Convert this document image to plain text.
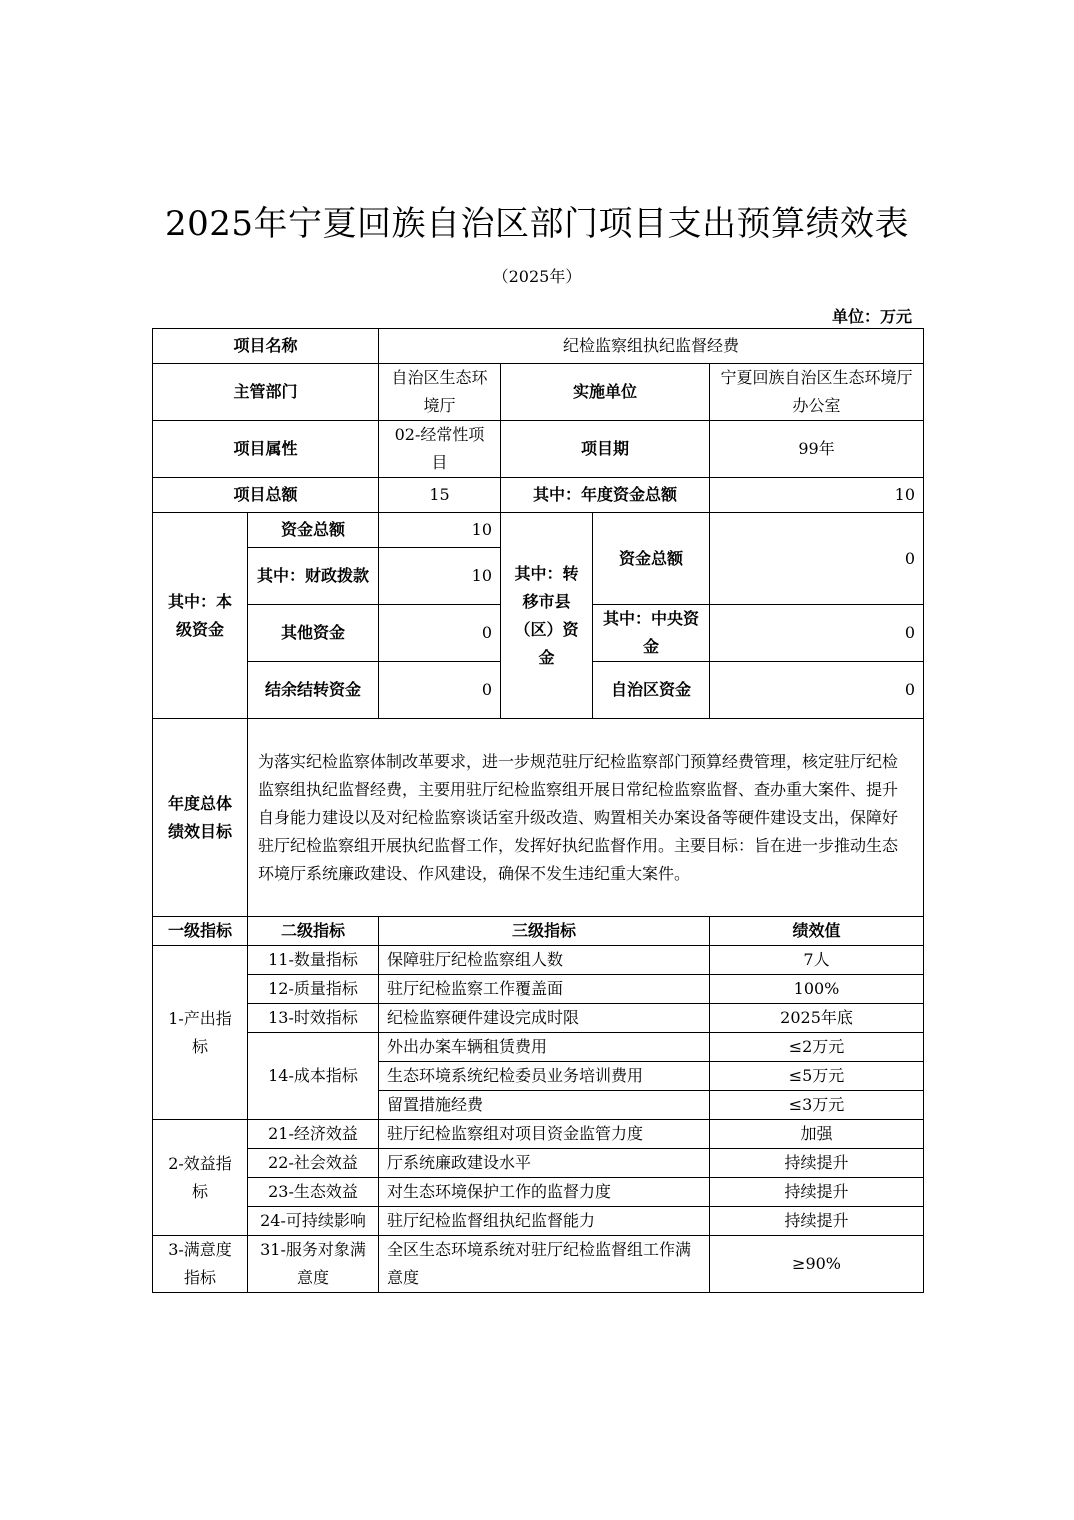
2025年宁夏回族自治区部门项目支出预算绩效表
（2025年）
单位：万元
项目名称		纪检监察组执纪监督经费			
主管部门		自治区生态环境厅	实施单位		宁夏回族自治区生态环境厅办公室
项目属性		02-经常性项目	项目期		99年
项目总额		15	其中：年度资金总额		10
其中：本级资金	资金总额	10	其中：转移市县（区）资金	资金总额	0
	其中：财政拨款	10			
	其他资金	0		其中：中央资金	0
	结余结转资金	0		自治区资金	0
年度总体绩效目标	为落实纪检监察体制改革要求，进一步规范驻厅纪检监察部门预算经费管理，核定驻厅纪检监察组执纪监督经费，主要用驻厅纪检监察组开展日常纪检监察监督、查办重大案件、提升自身能力建设以及对纪检监察谈话室升级改造、购置相关办案设备等硬件建设支出，保障好驻厅纪检监察组开展执纪监督工作，发挥好执纪监督作用。主要目标：旨在进一步推动生态环境厅系统廉政建设、作风建设，确保不发生违纪重大案件。				
一级指标	二级指标	三级指标			绩效值
1-产出指标	11-数量指标	保障驻厅纪检监察组人数			7人
	12-质量指标	驻厅纪检监察工作覆盖面			100%
	13-时效指标	纪检监察硬件建设完成时限			2025年底
	14-成本指标	外出办案车辆租赁费用			≤2万元
		生态环境系统纪检委员业务培训费用			≤5万元
		留置措施经费			≤3万元
2-效益指标	21-经济效益	驻厅纪检监察组对项目资金监管力度			加强
	22-社会效益	厅系统廉政建设水平			持续提升
	23-生态效益	对生态环境保护工作的监督力度			持续提升
	24-可持续影响	驻厅纪检监督组执纪监督能力			持续提升
3-满意度指标	31-服务对象满意度	全区生态环境系统对驻厅纪检监督组工作满意度			≥90%
